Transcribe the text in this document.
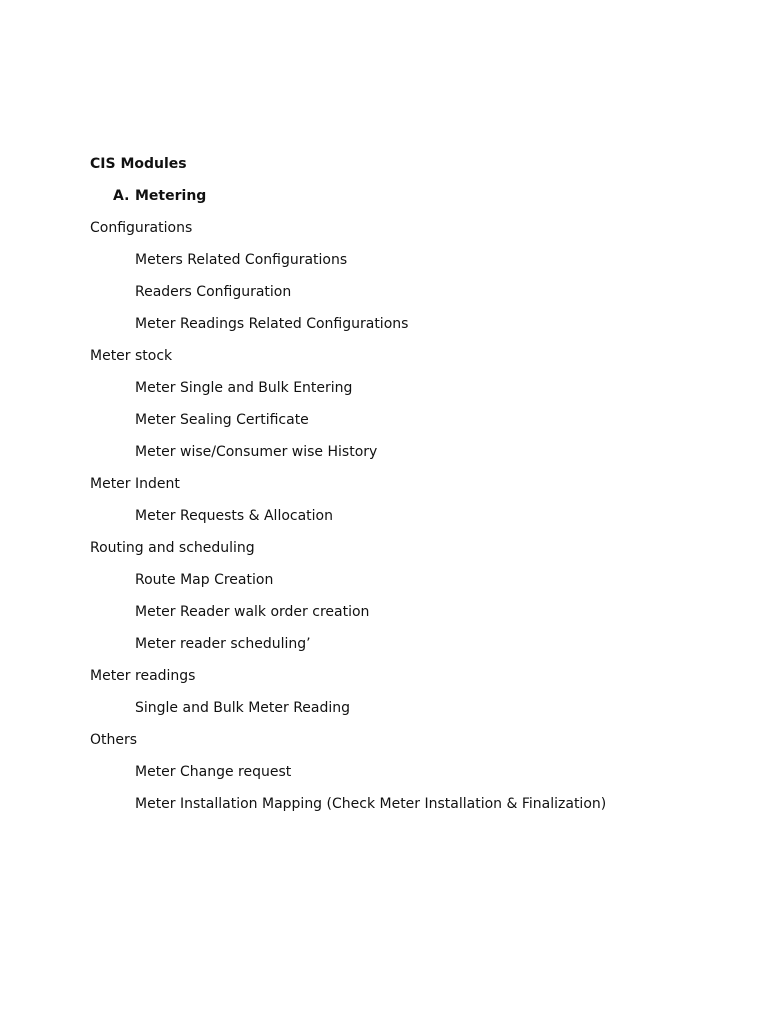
CIS Modules
A. Metering
Configurations
Meters Related Configurations
Readers Configuration
Meter Readings Related Configurations
Meter stock
Meter Single and Bulk Entering
Meter Sealing Certificate
Meter wise/Consumer wise History
Meter Indent
Meter Requests & Allocation
Routing and scheduling
Route Map Creation
Meter Reader walk order creation
Meter reader scheduling’
Meter readings
Single and Bulk Meter Reading
Others
Meter Change request
Meter Installation Mapping (Check Meter Installation & Finalization)
